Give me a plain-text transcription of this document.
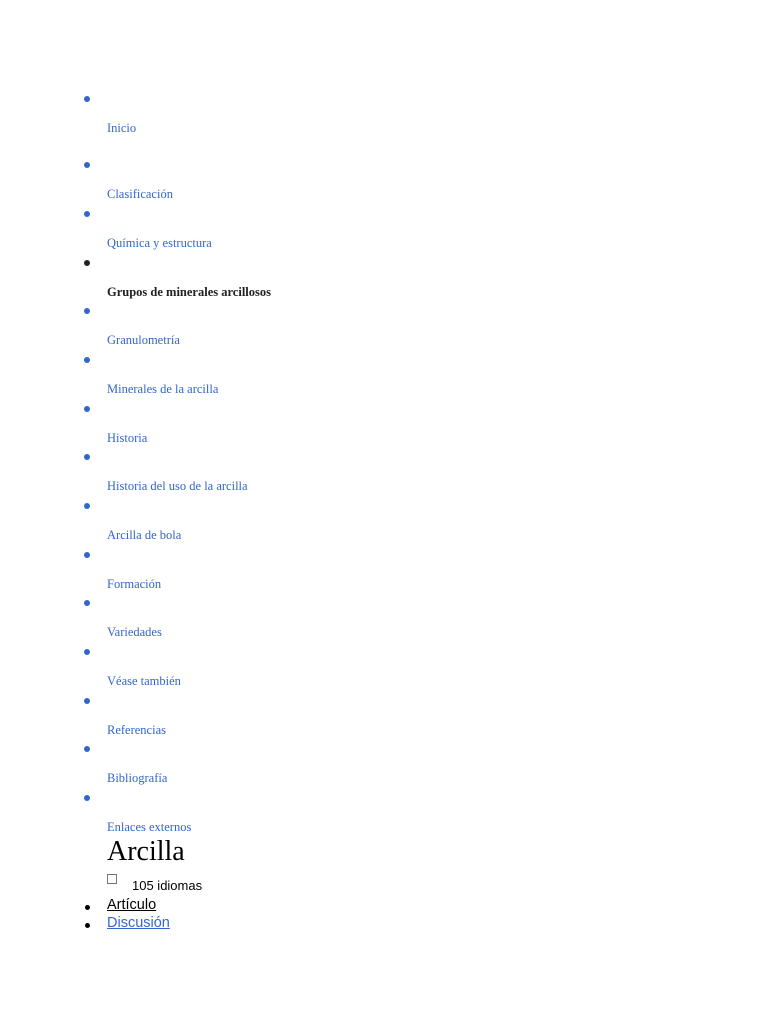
Inicio
Clasificación
Química y estructura
Grupos de minerales arcillosos
Granulometría
Minerales de la arcilla
Historia
Historia del uso de la arcilla
Arcilla de bola
Formación
Variedades
Véase también
Referencias
Bibliografía
Enlaces externos
Arcilla
105 idiomas
Artículo
Discusión
